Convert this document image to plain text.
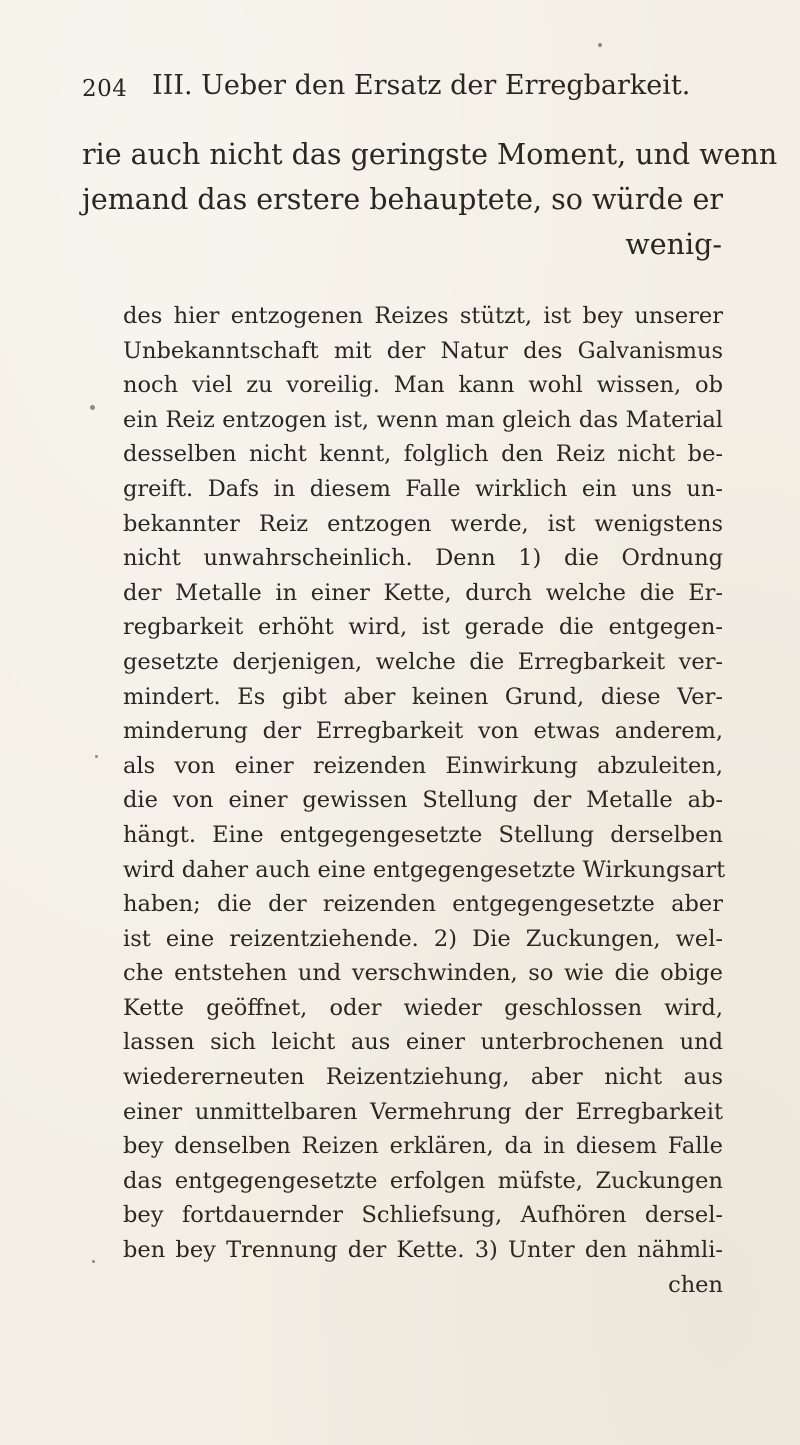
204 III. Ueber den Ersatz der Erregbarkeit.
rie auch nicht das geringste Moment, und wenn
jemand das erstere behauptete, so würde er
wenig-
des hier entzogenen Reizes stützt, ist bey unserer
Unbekanntschaft mit der Natur des Galvanismus
noch viel zu voreilig. Man kann wohl wissen, ob
ein Reiz entzogen ist, wenn man gleich das Material
desselben nicht kennt, folglich den Reiz nicht be-
greift. Dafs in diesem Falle wirklich ein uns un-
bekannter Reiz entzogen werde, ist wenigstens
nicht unwahrscheinlich. Denn 1) die Ordnung
der Metalle in einer Kette, durch welche die Er-
regbarkeit erhöht wird, ist gerade die entgegen-
gesetzte derjenigen, welche die Erregbarkeit ver-
mindert. Es gibt aber keinen Grund, diese Ver-
minderung der Erregbarkeit von etwas anderem,
als von einer reizenden Einwirkung abzuleiten,
die von einer gewissen Stellung der Metalle ab-
hängt. Eine entgegengesetzte Stellung derselben
wird daher auch eine entgegengesetzte Wirkungsart
haben; die der reizenden entgegengesetzte aber
ist eine reizentziehende. 2) Die Zuckungen, wel-
che entstehen und verschwinden, so wie die obige
Kette geöffnet, oder wieder geschlossen wird,
lassen sich leicht aus einer unterbrochenen und
wiedererneuten Reizentziehung, aber nicht aus
einer unmittelbaren Vermehrung der Erregbarkeit
bey denselben Reizen erklären, da in diesem Falle
das entgegengesetzte erfolgen müfste, Zuckungen
bey fortdauernder Schliefsung, Aufhören dersel-
ben bey Trennung der Kette. 3) Unter den nähmli-
chen
